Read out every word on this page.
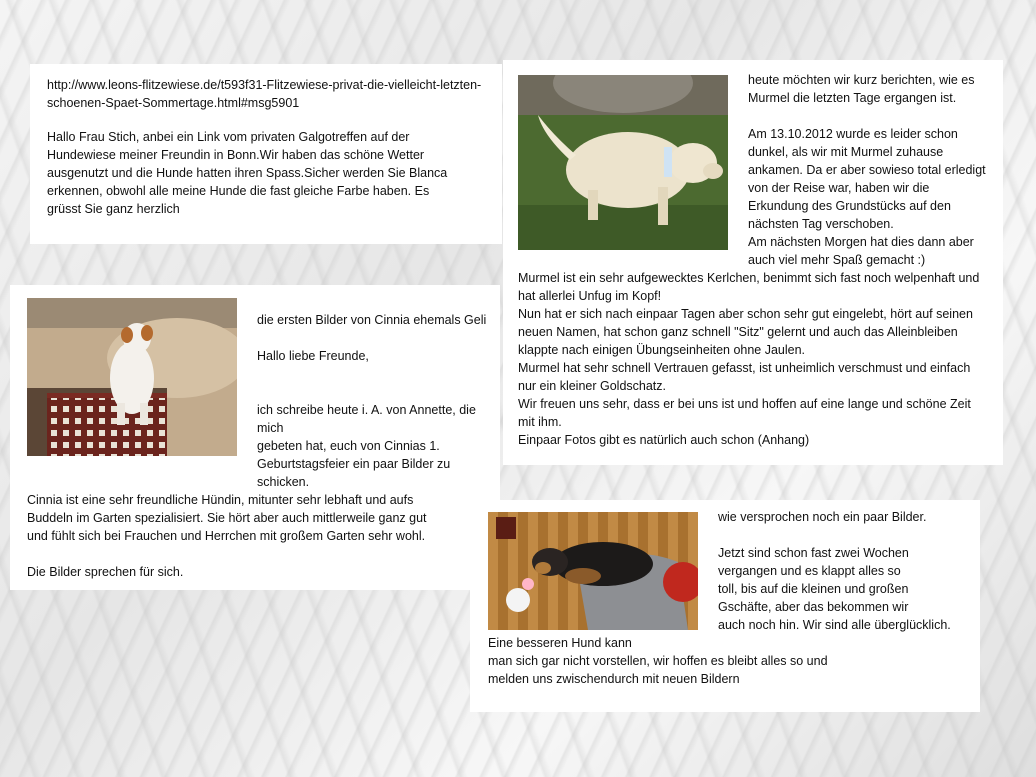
http://www.leons-flitzewiese.de/t593f31-Flitzewiese-privat-die-vielleicht-letzten-
schoenen-Spaet-Sommertage.html#msg5901
Hallo Frau Stich, anbei ein Link vom privaten Galgotreffen auf der
Hundewiese meiner Freundin in Bonn.Wir haben das schöne Wetter
ausgenutzt und die Hunde hatten ihren Spass.Sicher werden Sie Blanca
erkennen, obwohl alle meine Hunde die fast gleiche Farbe haben. Es
grüsst Sie ganz herzlich
heute möchten wir kurz berichten, wie es
Murmel die letzten Tage ergangen ist.

Am 13.10.2012 wurde es leider schon
dunkel, als wir mit Murmel zuhause
ankamen. Da er aber sowieso total erledigt
von der Reise war, haben wir die
Erkundung des Grundstücks auf den
nächsten Tag verschoben.
Am nächsten Morgen hat dies dann aber
auch viel mehr Spaß gemacht :)
Murmel ist ein sehr aufgewecktes Kerlchen, benimmt sich fast noch welpenhaft und
hat allerlei Unfug im Kopf!
Nun hat er sich nach einpaar Tagen aber schon sehr gut eingelebt, hört auf seinen
neuen Namen, hat schon ganz schnell "Sitz" gelernt und auch das Alleinbleiben
klappte nach einigen Übungseinheiten ohne Jaulen.
Murmel hat sehr schnell Vertrauen gefasst, ist unheimlich verschmust und einfach
nur ein kleiner Goldschatz.
Wir freuen uns sehr, dass er bei uns ist und hoffen auf eine lange und schöne Zeit
mit ihm.
Einpaar Fotos gibt es natürlich auch schon (Anhang)
die ersten Bilder von Cinnia ehemals Geli

Hallo liebe Freunde,

ich schreibe heute i. A. von Annette, die
mich
gebeten hat, euch von Cinnias 1.
Geburtstagsfeier ein paar Bilder zu
schicken.
Cinnia ist eine sehr freundliche Hündin, mitunter sehr lebhaft und aufs
Buddeln im Garten spezialisiert. Sie hört aber auch mittlerweile ganz gut
und fühlt sich bei Frauchen und Herrchen mit großem Garten sehr wohl.

Die Bilder sprechen für sich.
wie versprochen noch ein paar Bilder.

Jetzt sind schon fast zwei Wochen
vergangen und es klappt alles so
toll, bis auf die kleinen und großen
Gschäfte, aber das bekommen wir
auch noch hin. Wir sind alle überglücklich.
Eine besseren Hund kann
man sich gar nicht vorstellen, wir hoffen es bleibt alles so und
melden uns zwischendurch mit neuen Bildern
